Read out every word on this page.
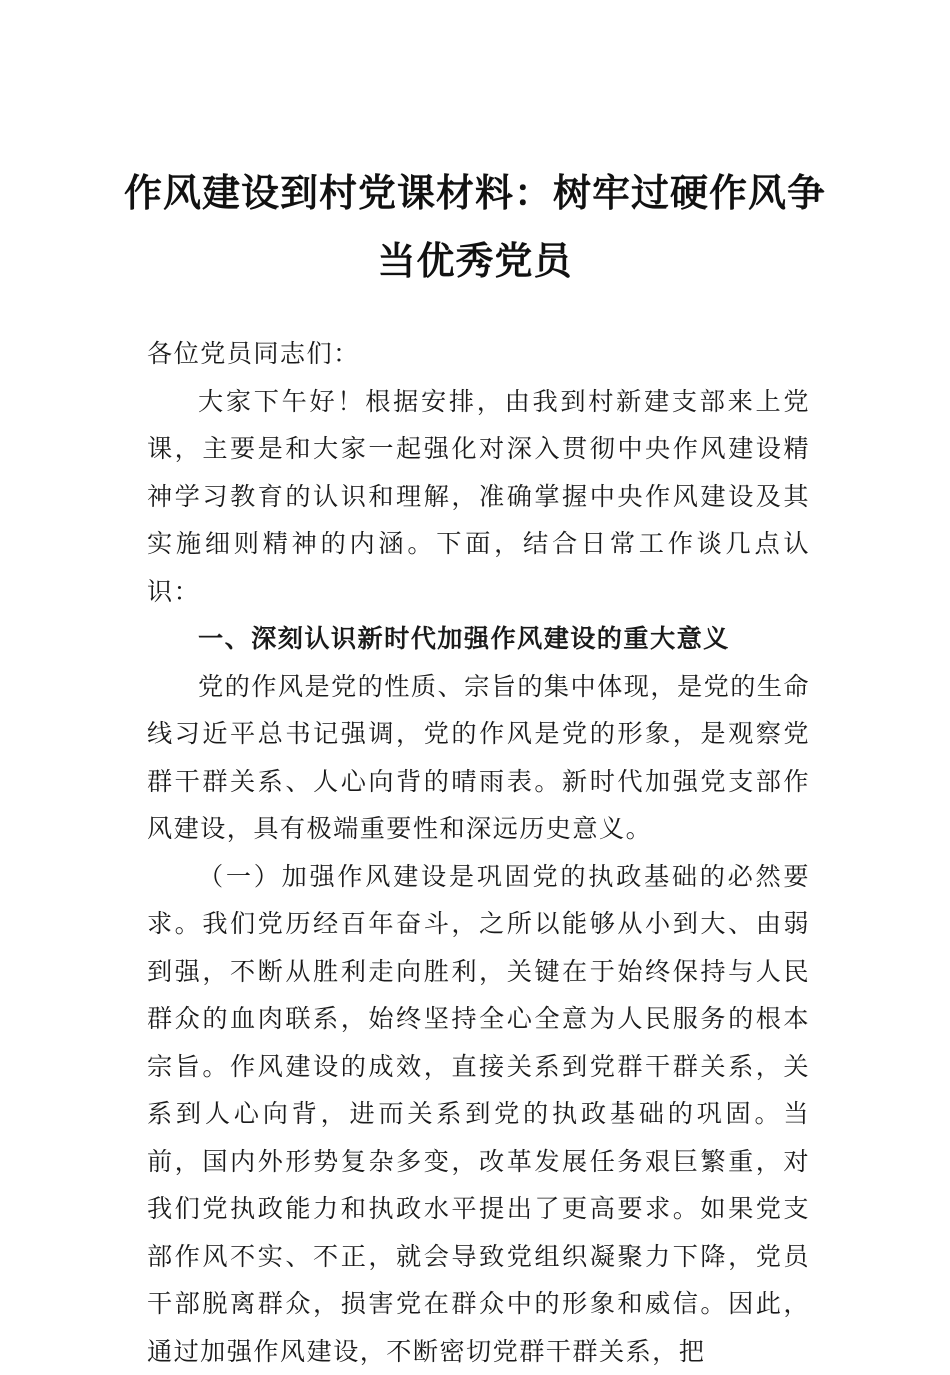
作风建设到村党课材料：树牢过硬作风争
当优秀党员

各位党员同志们：

大家下午好！根据安排，由我到村新建支部来上党课，主要是和大家一起强化对深入贯彻中央作风建设精神学习教育的认识和理解，准确掌握中央作风建设及其实施细则精神的内涵。下面，结合日常工作谈几点认识：

一、深刻认识新时代加强作风建设的重大意义

党的作风是党的性质、宗旨的集中体现，是党的生命线习近平总书记强调，党的作风是党的形象，是观察党群干群关系、人心向背的晴雨表。新时代加强党支部作风建设，具有极端重要性和深远历史意义。

（一）加强作风建设是巩固党的执政基础的必然要求。我们党历经百年奋斗，之所以能够从小到大、由弱到强，不断从胜利走向胜利，关键在于始终保持与人民群众的血肉联系，始终坚持全心全意为人民服务的根本宗旨。作风建设的成效，直接关系到党群干群关系，关系到人心向背，进而关系到党的执政基础的巩固。当前，国内外形势复杂多变，改革发展任务艰巨繁重，对我们党执政能力和执政水平提出了更高要求。如果党支部作风不实、不正，就会导致党组织凝聚力下降，党员干部脱离群众，损害党在群众中的形象和威信。因此，通过加强作风建设，不断密切党群干群关系，把
